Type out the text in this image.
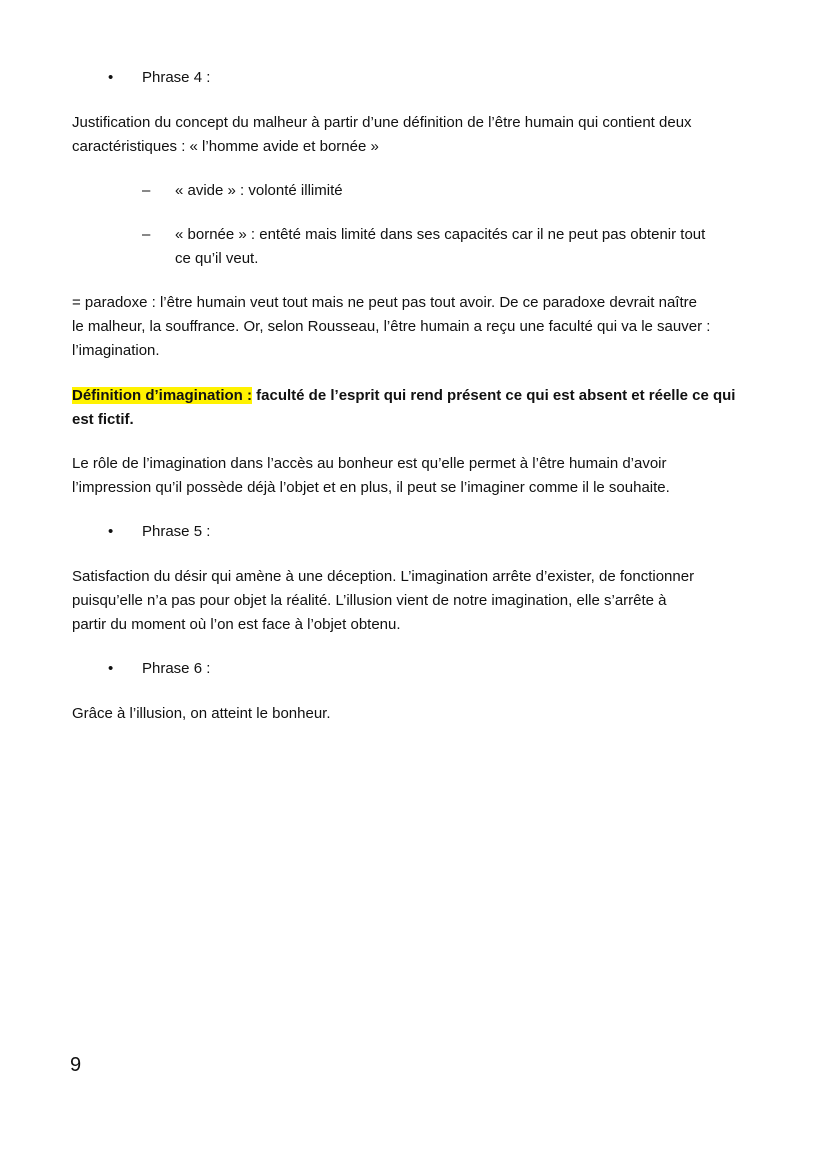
• Phrase 4 :
Justification du concept du malheur à partir d’une définition de l’être humain qui contient deux
caractéristiques : « l’homme avide et bornée »
– « avide » : volonté illimité
– « bornée » : entêté mais limité dans ses capacités car il ne peut pas obtenir tout
ce qu’il veut.
= paradoxe : l’être humain veut tout mais ne peut pas tout avoir. De ce paradoxe devrait naître
le malheur, la souffrance. Or, selon Rousseau, l’être humain a reçu une faculté qui va le sauver :
l’imagination.
Définition d’imagination : faculté de l’esprit qui rend présent ce qui est absent et réelle ce qui
est fictif.
Le rôle de l’imagination dans l’accès au bonheur est qu’elle permet à l’être humain d’avoir
l’impression qu’il possède déjà l’objet et en plus, il peut se l’imaginer comme il le souhaite.
• Phrase 5 :
Satisfaction du désir qui amène à une déception. L’imagination arrête d’exister, de fonctionner
puisqu’elle n’a pas pour objet la réalité. L’illusion vient de notre imagination, elle s’arrête à
partir du moment où l’on est face à l’objet obtenu.
• Phrase 6 :
Grâce à l’illusion, on atteint le bonheur.
9
